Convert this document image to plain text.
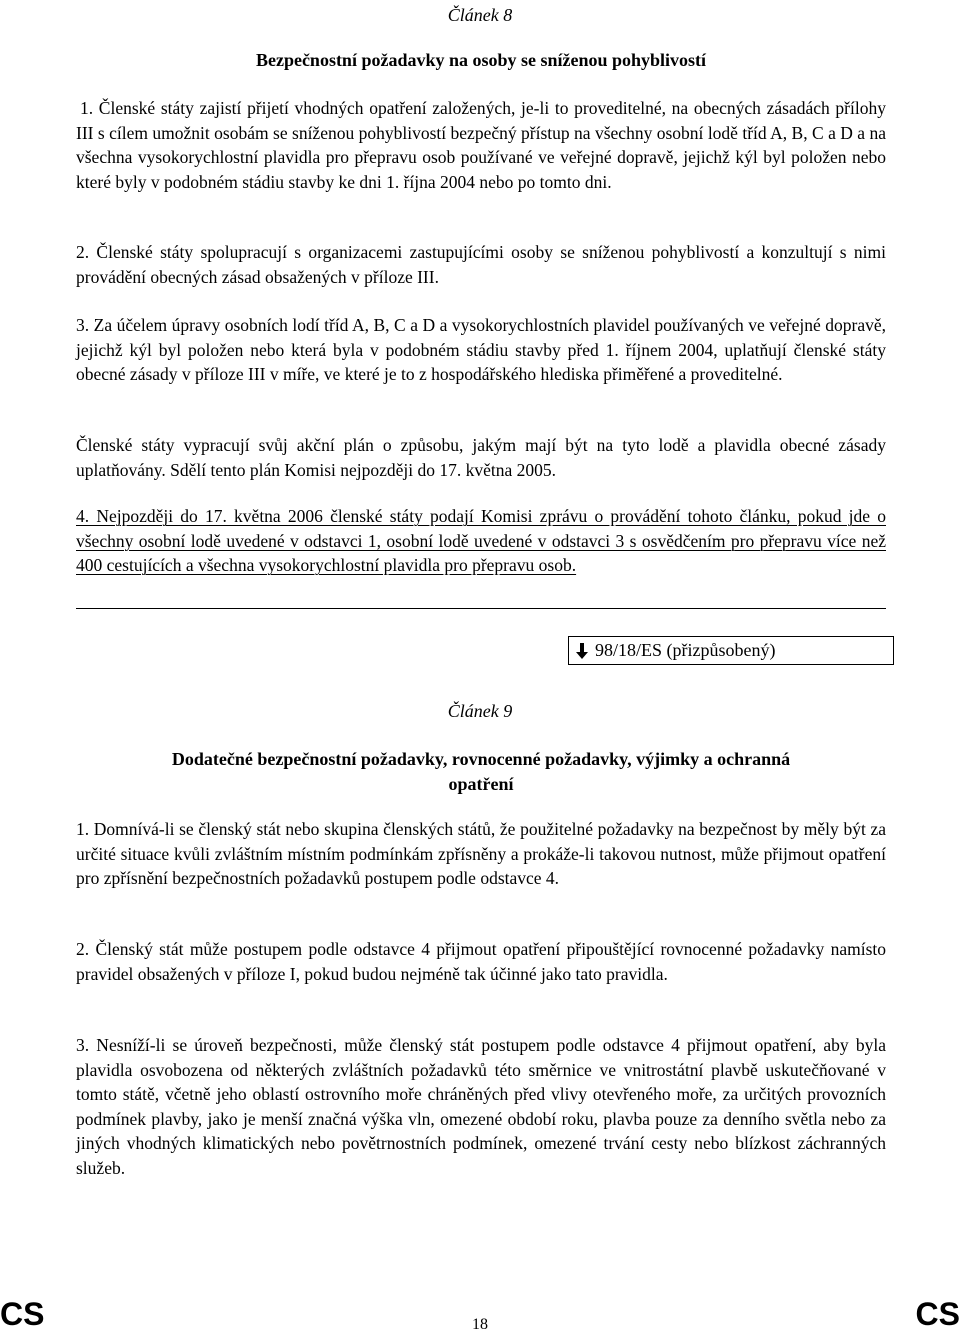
Článek 8
Bezpečnostní požadavky na osoby se sníženou pohyblivostí
1. Členské státy zajistí přijetí vhodných opatření založených, je-li to proveditelné, na obecných zásadách přílohy III s cílem umožnit osobám se sníženou pohyblivostí bezpečný přístup na všechny osobní lodě tříd A, B, C a D a na všechna vysokorychlostní plavidla pro přepravu osob používané ve veřejné dopravě, jejichž kýl byl položen nebo které byly v podobném stádiu stavby ke dni 1. října 2004 nebo po tomto dni.
2. Členské státy spolupracují s organizacemi zastupujícími osoby se sníženou pohyblivostí a konzultují s nimi provádění obecných zásad obsažených v příloze III.
3. Za účelem úpravy osobních lodí tříd A, B, C a D a vysokorychlostních plavidel používaných ve veřejné dopravě, jejichž kýl byl položen nebo která byla v podobném stádiu stavby před 1. říjnem 2004, uplatňují členské státy obecné zásady v příloze III v míře, ve které je to z hospodářského hlediska přiměřené a proveditelné.
Členské státy vypracují svůj akční plán o způsobu, jakým mají být na tyto lodě a plavidla obecné zásady uplatňovány. Sdělí tento plán Komisi nejpozději do 17. května 2005.
4. Nejpozději do 17. května 2006 členské státy podají Komisi zprávu o provádění tohoto článku, pokud jde o všechny osobní lodě uvedené v odstavci 1, osobní lodě uvedené v odstavci 3 s osvědčením pro přepravu více než 400 cestujících a všechna vysokorychlostní plavidla pro přepravu osob.
98/18/ES (přizpůsobený)
Článek 9
Dodatečné bezpečnostní požadavky, rovnocenné požadavky, výjimky a ochranná
opatření
1. Domnívá-li se členský stát nebo skupina členských států, že použitelné požadavky na bezpečnost by měly být za určité situace kvůli zvláštním místním podmínkám zpřísněny a prokáže-li takovou nutnost, může přijmout opatření pro zpřísnění bezpečnostních požadavků postupem podle odstavce 4.
2. Členský stát může postupem podle odstavce 4 přijmout opatření připouštějící rovnocenné požadavky namísto pravidel obsažených v příloze I, pokud budou nejméně tak účinné jako tato pravidla.
3. Nesníží-li se úroveň bezpečnosti, může členský stát postupem podle odstavce 4 přijmout opatření, aby byla plavidla osvobozena od některých zvláštních požadavků této směrnice ve vnitrostátní plavbě uskutečňované v tomto státě, včetně jeho oblastí ostrovního moře chráněných před vlivy otevřeného moře, za určitých provozních podmínek plavby, jako je menší značná výška vln, omezené období roku, plavba pouze za denního světla nebo za jiných vhodných klimatických nebo povětrnostních podmínek, omezené trvání cesty nebo blízkost záchranných služeb.
CS	18	CS
